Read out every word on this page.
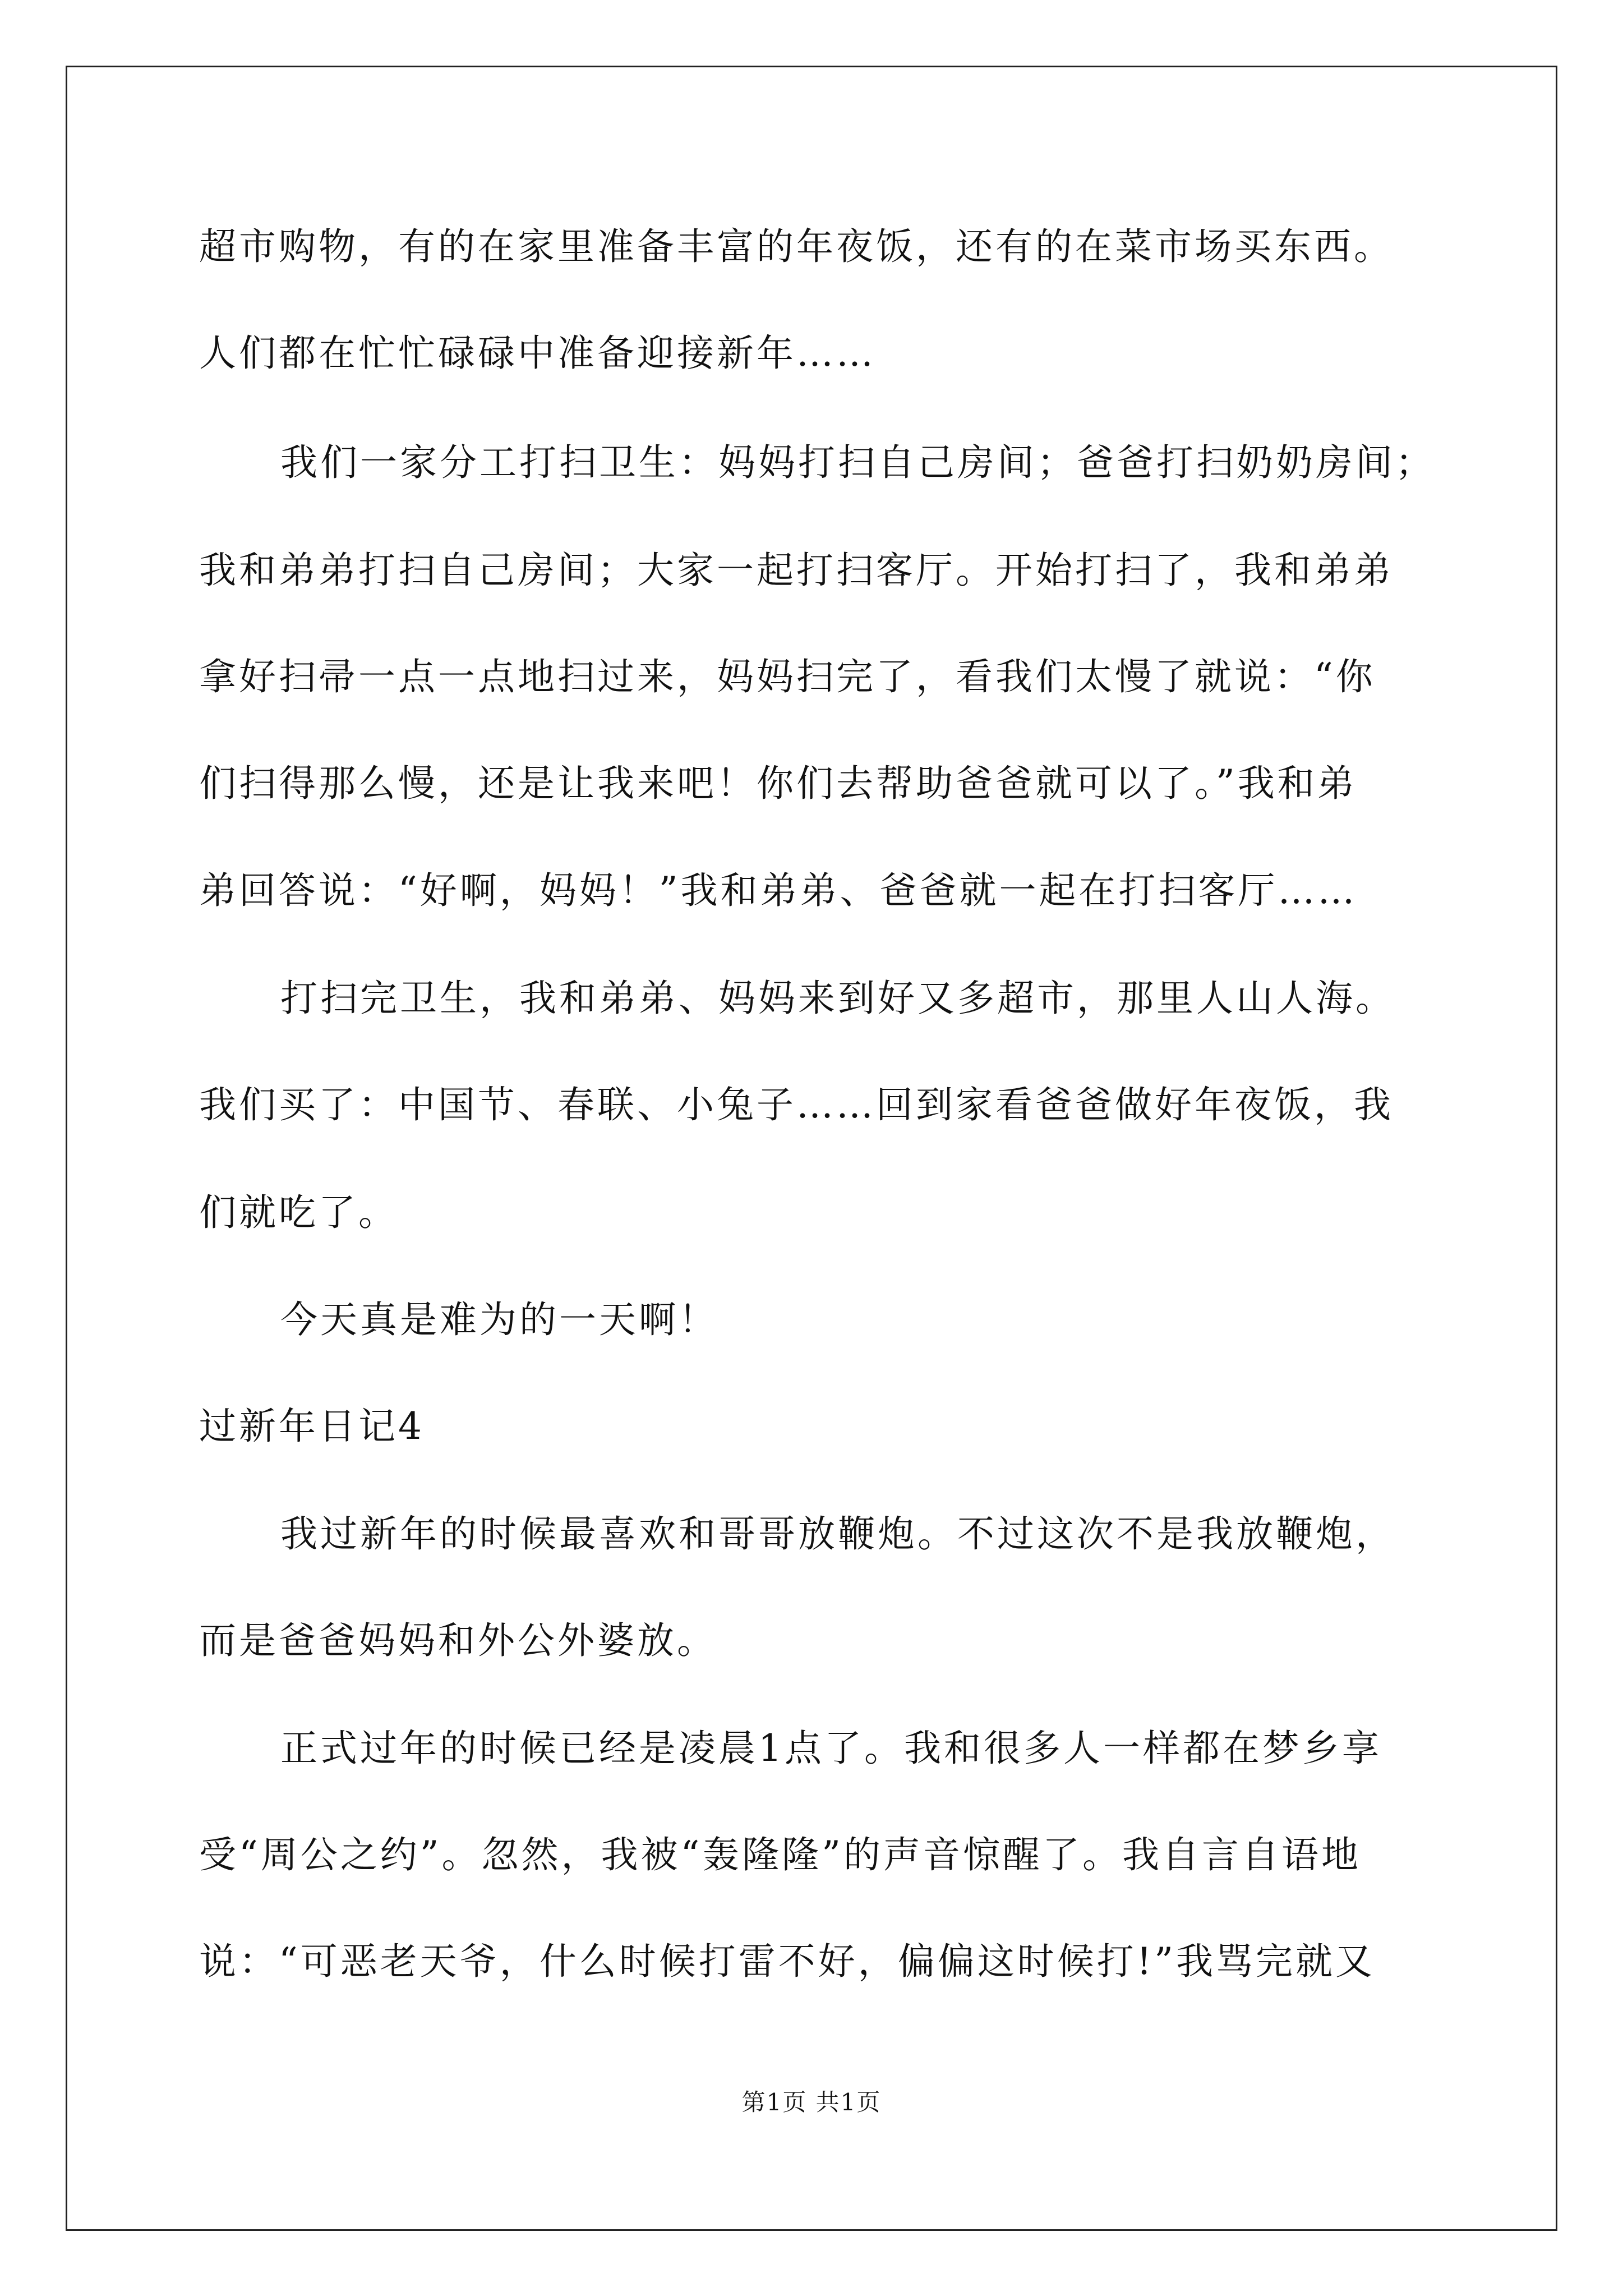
超市购物，有的在家里准备丰富的年夜饭，还有的在菜市场买东西。
人们都在忙忙碌碌中准备迎接新年……
我们一家分工打扫卫生：妈妈打扫自己房间；爸爸打扫奶奶房间；
我和弟弟打扫自己房间；大家一起打扫客厅。开始打扫了，我和弟弟
拿好扫帚一点一点地扫过来，妈妈扫完了，看我们太慢了就说：“你
们扫得那么慢，还是让我来吧！你们去帮助爸爸就可以了。”我和弟
弟回答说：“好啊，妈妈！”我和弟弟、爸爸就一起在打扫客厅……
打扫完卫生，我和弟弟、妈妈来到好又多超市，那里人山人海。
我们买了：中国节、春联、小兔子……回到家看爸爸做好年夜饭，我
们就吃了。
今天真是难为的一天啊！
过新年日记4
我过新年的时候最喜欢和哥哥放鞭炮。不过这次不是我放鞭炮，
而是爸爸妈妈和外公外婆放。
正式过年的时候已经是凌晨1点了。我和很多人一样都在梦乡享
受“周公之约”。忽然，我被“轰隆隆”的声音惊醒了。我自言自语地
说：“可恶老天爷，什么时候打雷不好，偏偏这时候打!”我骂完就又
第1页 共1页
